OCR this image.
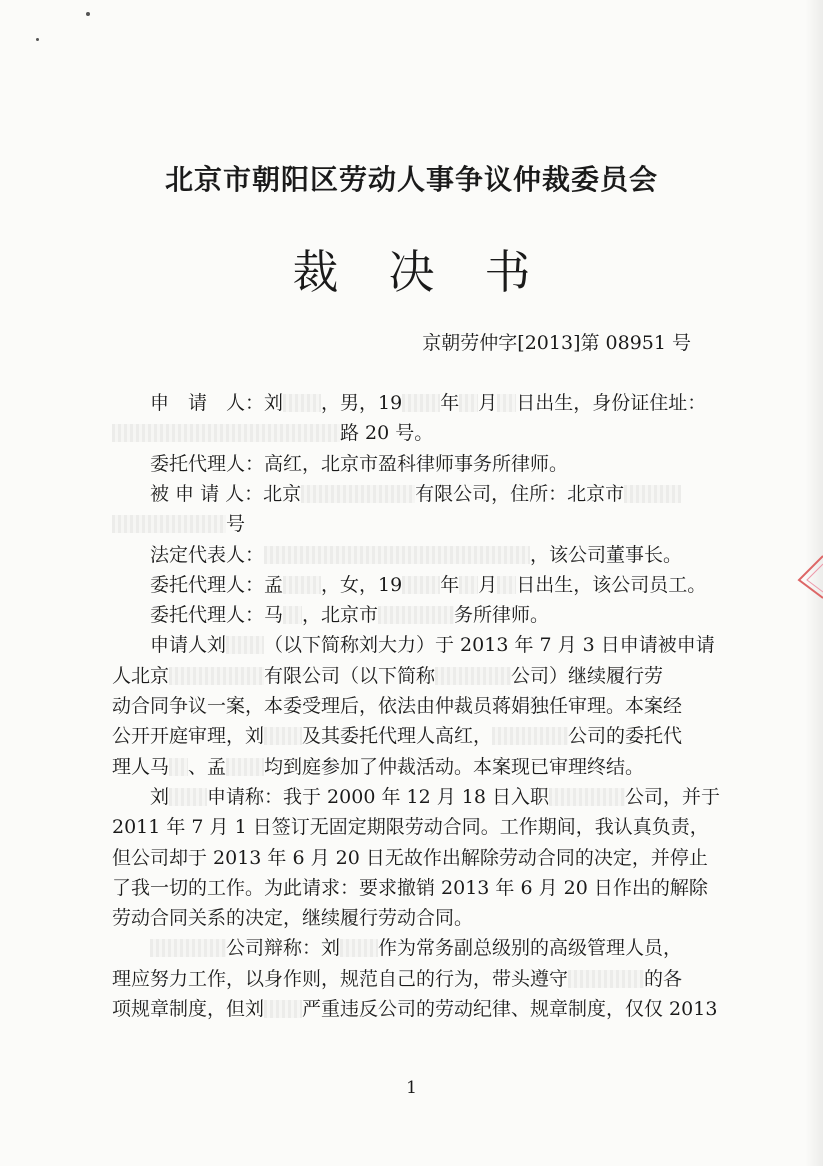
北京市朝阳区劳动人事争议仲裁委员会
裁决书
京朝劳仲字[2013]第 08951 号
申　请　人：刘 ，男，19 年 月 日出生，身份证住址：
路 20 号。
委托代理人：高红，北京市盈科律师事务所律师。
被 申 请 人：北京	有限公司，住所：北京市
号
法定代表人：	，该公司董事长。
委托代理人：孟 ，女，19 年 月 日出生，该公司员工。
委托代理人：马 ，北京市	务所律师。
申请人刘 （以下简称刘大力）于 2013 年 7 月 3 日申请被申请
人北京	有限公司（以下简称	公司）继续履行劳
动合同争议一案，本委受理后，依法由仲裁员蒋娟独任审理。本案经
公开开庭审理，刘 及其委托代理人高红，	公司的委托代
理人马 、孟 均到庭参加了仲裁活动。本案现已审理终结。
刘 申请称：我于 2000 年 12 月 18 日入职	公司，并于
2011 年 7 月 1 日签订无固定期限劳动合同。工作期间，我认真负责，
但公司却于 2013 年 6 月 20 日无故作出解除劳动合同的决定，并停止
了我一切的工作。为此请求：要求撤销 2013 年 6 月 20 日作出的解除
劳动合同关系的决定，继续履行劳动合同。
公司辩称：刘 作为常务副总级别的高级管理人员，
理应努力工作，以身作则，规范自己的行为，带头遵守	的各
项规章制度，但刘 严重违反公司的劳动纪律、规章制度，仅仅 2013
1
